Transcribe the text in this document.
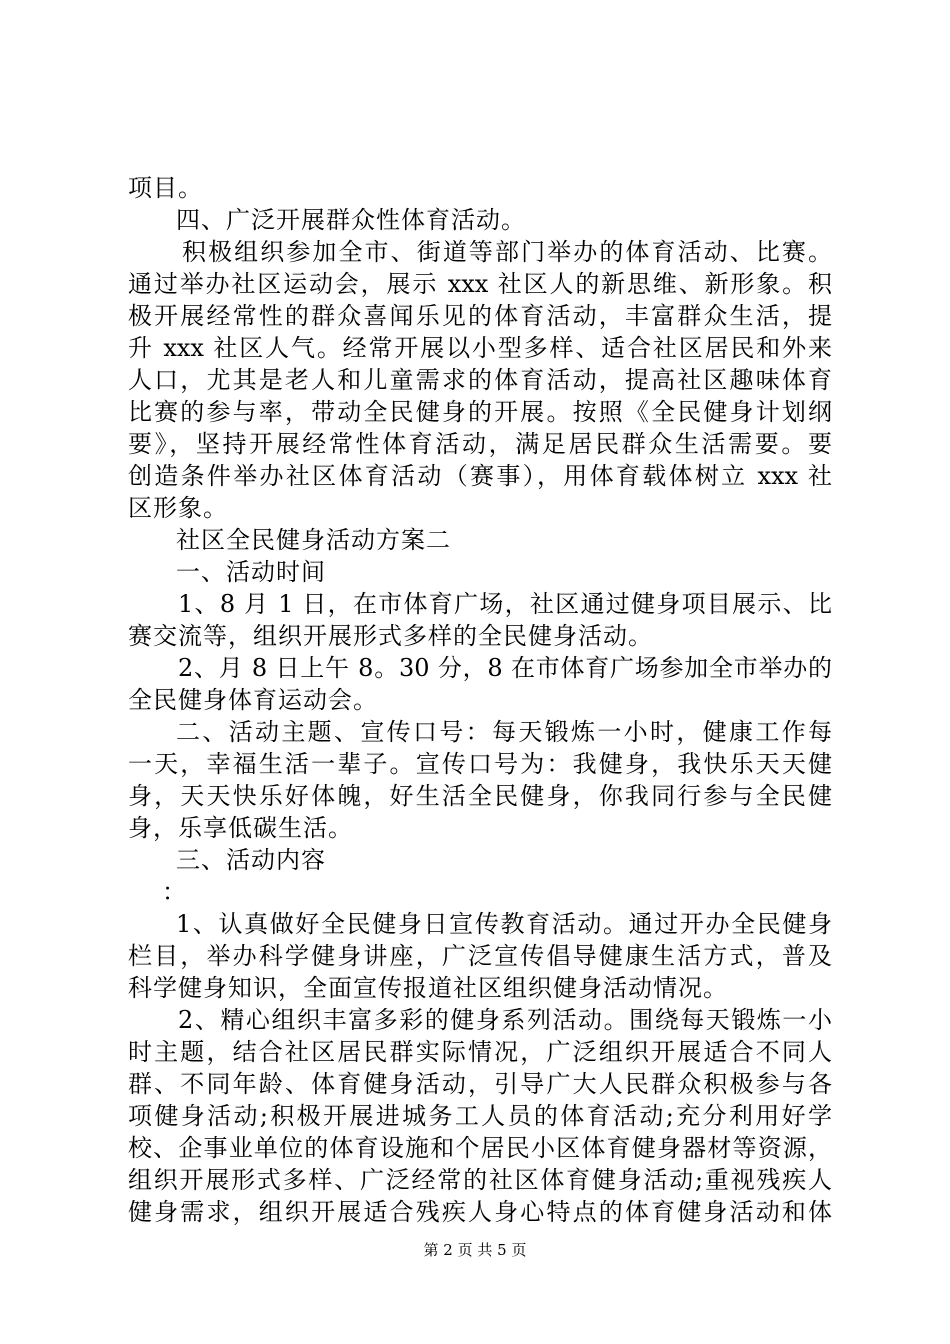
项目。
四、广泛开展群众性体育活动。
积极组织参加全市、街道等部门举办的体育活动、比赛。
通过举办社区运动会，展示 xxx 社区人的新思维、新形象。积
极开展经常性的群众喜闻乐见的体育活动，丰富群众生活，提
升 xxx 社区人气。经常开展以小型多样、适合社区居民和外来
人口，尤其是老人和儿童需求的体育活动，提高社区趣味体育
比赛的参与率，带动全民健身的开展。按照《全民健身计划纲
要》，坚持开展经常性体育活动，满足居民群众生活需要。要
创造条件举办社区体育活动（赛事），用体育载体树立 xxx 社
区形象。
社区全民健身活动方案二
一、活动时间
1、8 月 1 日，在市体育广场，社区通过健身项目展示、比
赛交流等，组织开展形式多样的全民健身活动。
2、月 8 日上午 8。30 分，8 在市体育广场参加全市举办的
全民健身体育运动会。
二、活动主题、宣传口号：每天锻炼一小时，健康工作每
一天，幸福生活一辈子。宣传口号为：我健身，我快乐天天健
身，天天快乐好体魄，好生活全民健身，你我同行参与全民健
身，乐享低碳生活。
三、活动内容
：
1、认真做好全民健身日宣传教育活动。通过开办全民健身
栏目，举办科学健身讲座，广泛宣传倡导健康生活方式，普及
科学健身知识，全面宣传报道社区组织健身活动情况。
2、精心组织丰富多彩的健身系列活动。围绕每天锻炼一小
时主题，结合社区居民群实际情况，广泛组织开展适合不同人
群、不同年龄、体育健身活动，引导广大人民群众积极参与各
项健身活动;积极开展进城务工人员的体育活动;充分利用好学
校、企事业单位的体育设施和个居民小区体育健身器材等资源，
组织开展形式多样、广泛经常的社区体育健身活动;重视残疾人
健身需求，组织开展适合残疾人身心特点的体育健身活动和体
第 2 页 共 5 页
